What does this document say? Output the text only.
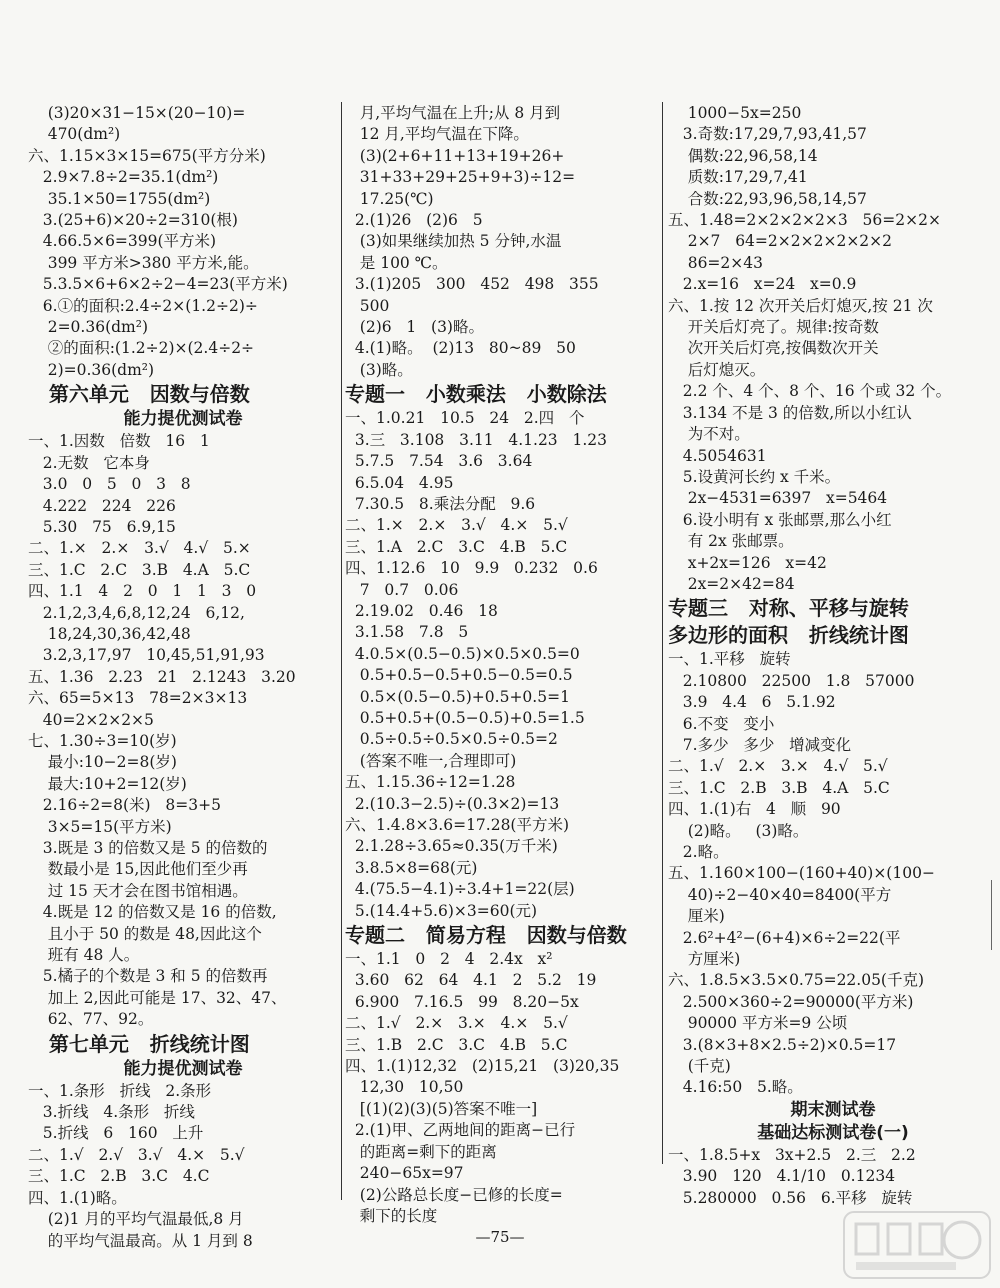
(3)20×31−15×(20−10)=
470(dm²)
六、1.15×3×15=675(平方分米)
2.9×7.8÷2=35.1(dm²)
35.1×50=1755(dm²)
3.(25+6)×20÷2=310(根)
4.66.5×6=399(平方米)
399 平方米>380 平方米,能。
5.3.5×6+6×2÷2−4=23(平方米)
6.①的面积:2.4÷2×(1.2÷2)÷
2=0.36(dm²)
②的面积:(1.2÷2)×(2.4÷2÷
2)=0.36(dm²)
第六单元   因数与倍数
能力提优测试卷
一、1.因数   倍数   16   1
2.无数   它本身
3.0   0   5   0   3   8
4.222   224   226
5.30   75   6.9,15
二、1.×   2.×   3.√   4.√   5.×
三、1.C   2.C   3.B   4.A   5.C
四、1.1   4   2   0   1   1   3   0
2.1,2,3,4,6,8,12,24   6,12,
18,24,30,36,42,48
3.2,3,17,97   10,45,51,91,93
五、1.36   2.23   21   2.1243   3.20
六、65=5×13   78=2×3×13
40=2×2×2×5
七、1.30÷3=10(岁)
最小:10−2=8(岁)
最大:10+2=12(岁)
2.16÷2=8(米)   8=3+5
3×5=15(平方米)
3.既是 3 的倍数又是 5 的倍数的
数最小是 15,因此他们至少再
过 15 天才会在图书馆相遇。
4.既是 12 的倍数又是 16 的倍数,
且小于 50 的数是 48,因此这个
班有 48 人。
5.橘子的个数是 3 和 5 的倍数再
加上 2,因此可能是 17、32、47、
62、77、92。
第七单元   折线统计图
能力提优测试卷
一、1.条形   折线   2.条形
3.折线   4.条形   折线
5.折线   6   160   上升
二、1.√   2.√   3.√   4.×   5.√
三、1.C   2.B   3.C   4.C
四、1.(1)略。
(2)1 月的平均气温最低,8 月
的平均气温最高。从 1 月到 8
月,平均气温在上升;从 8 月到
12 月,平均气温在下降。
(3)(2+6+11+13+19+26+
31+33+29+25+9+3)÷12=
17.25(℃)
2.(1)26   (2)6   5
(3)如果继续加热 5 分钟,水温
是 100 ℃。
3.(1)205   300   452   498   355
500
(2)6   1   (3)略。
4.(1)略。  (2)13   80~89   50
(3)略。
专题一   小数乘法   小数除法
一、1.0.21   10.5   24   2.四   个
3.三   3.108   3.11   4.1.23   1.23
5.7.5   7.54   3.6   3.64
6.5.04   4.95
7.30.5   8.乘法分配   9.6
二、1.×   2.×   3.√   4.×   5.√
三、1.A   2.C   3.C   4.B   5.C
四、1.12.6   10   9.9   0.232   0.6
7   0.7   0.06
2.19.02   0.46   18
3.1.58   7.8   5
4.0.5×(0.5−0.5)×0.5×0.5=0
0.5+0.5−0.5+0.5−0.5=0.5
0.5×(0.5−0.5)+0.5+0.5=1
0.5+0.5+(0.5−0.5)+0.5=1.5
0.5÷0.5÷0.5×0.5÷0.5=2
(答案不唯一,合理即可)
五、1.15.36÷12=1.28
2.(10.3−2.5)÷(0.3×2)=13
六、1.4.8×3.6=17.28(平方米)
2.1.28÷3.65≈0.35(万千米)
3.8.5×8=68(元)
4.(75.5−4.1)÷3.4+1=22(层)
5.(14.4+5.6)×3=60(元)
专题二   简易方程   因数与倍数
一、1.1   0   2   4   2.4x   x²
3.60   62   64   4.1   2   5.2   19
6.900   7.16.5   99   8.20−5x
二、1.√   2.×   3.×   4.×   5.√
三、1.B   2.C   3.C   4.B   5.C
四、1.(1)12,32   (2)15,21   (3)20,35
12,30   10,50
[(1)(2)(3)(5)答案不唯一]
2.(1)甲、乙两地间的距离−已行
的距离=剩下的距离
240−65x=97
(2)公路总长度−已修的长度=
剩下的长度
1000−5x=250
3.奇数:17,29,7,93,41,57
偶数:22,96,58,14
质数:17,29,7,41
合数:22,93,96,58,14,57
五、1.48=2×2×2×2×3   56=2×2×
2×7   64=2×2×2×2×2×2
86=2×43
2.x=16   x=24   x=0.9
六、1.按 12 次开关后灯熄灭,按 21 次
开关后灯亮了。规律:按奇数
次开关后灯亮,按偶数次开关
后灯熄灭。
2.2 个、4 个、8 个、16 个或 32 个。
3.134 不是 3 的倍数,所以小红认
为不对。
4.5054631
5.设黄河长约 x 千米。
2x−4531=6397   x=5464
6.设小明有 x 张邮票,那么小红
有 2x 张邮票。
x+2x=126   x=42
2x=2×42=84
专题三   对称、平移与旋转
多边形的面积   折线统计图
一、1.平移   旋转
2.10800   22500   1.8   57000
3.9   4.4   6   5.1.92
6.不变   变小
7.多少   多少   增减变化
二、1.√   2.×   3.×   4.√   5.√
三、1.C   2.B   3.B   4.A   5.C
四、1.(1)右   4   顺   90
(2)略。   (3)略。
2.略。
五、1.160×100−(160+40)×(100−
40)÷2−40×40=8400(平方
厘米)
2.6²+4²−(6+4)×6÷2=22(平
方厘米)
六、1.8.5×3.5×0.75=22.05(千克)
2.500×360÷2=90000(平方米)
90000 平方米=9 公顷
3.(8×3+8×2.5÷2)×0.5=17
(千克)
4.16:50   5.略。
期末测试卷
基础达标测试卷(一)
一、1.8.5+x   3x+2.5   2.三   2.2
3.90   120   4.1/10   0.1234
5.280000   0.56   6.平移   旋转
—75—
